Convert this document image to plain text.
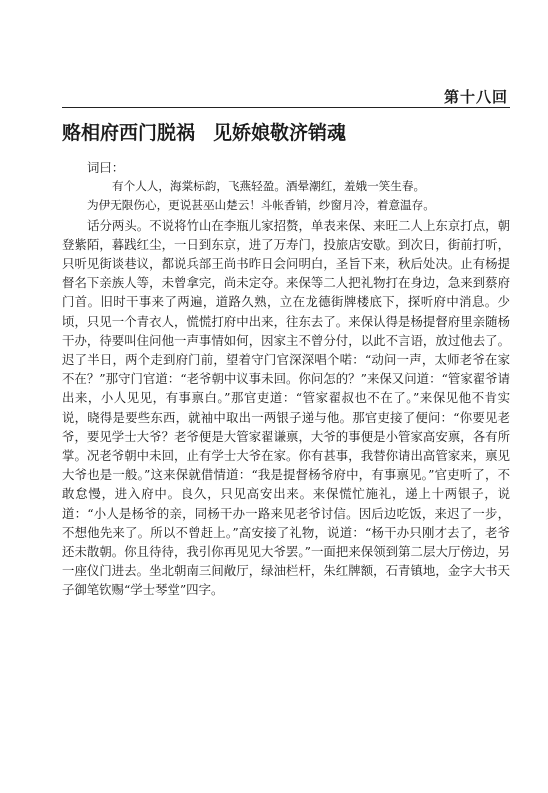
第十八回
赂相府西门脱祸 见娇娘敬济销魂

词曰：

有个人人，海棠标韵，飞燕轻盈。酒晕潮红，羞娥一笑生春。

为伊无限伤心，更说甚巫山楚云！斗帐香销，纱窗月冷，着意温存。

话分两头。不说将竹山在李瓶儿家招赘，单表来保、来旺二人上东京打点，朝登紫陌，暮践红尘，一日到东京，进了万寿门，投旅店安歇。到次日，街前打听，只听见街谈巷议，都说兵部王尚书昨日会问明白，圣旨下来，秋后处决。止有杨提督名下亲族人等，未曾拿完，尚未定夺。来保等二人把礼物打在身边，急来到蔡府门首。旧时干事来了两遍，道路久熟，立在龙德街牌楼底下，探听府中消息。少顷，只见一个青衣人，慌慌打府中出来，往东去了。来保认得是杨提督府里亲随杨干办，待要叫住问他一声事情如何，因家主不曾分付，以此不言语，放过他去了。迟了半日，两个走到府门前，望着守门官深深唱个喏：“动问一声，太师老爷在家不在？”那守门官道：“老爷朝中议事未回。你问怎的？”来保又问道：“管家翟爷请出来，小人见见，有事禀白。”那官吏道：“管家翟叔也不在了。”来保见他不肯实说，晓得是要些东西，就袖中取出一两银子递与他。那官吏接了便问：“你要见老爷，要见学士大爷？老爷便是大管家翟谦禀，大爷的事便是小管家高安禀，各有所掌。况老爷朝中未回，止有学士大爷在家。你有甚事，我替你请出高管家来，禀见大爷也是一般。”这来保就借情道：“我是提督杨爷府中，有事禀见。”官吏听了，不敢怠慢，进入府中。良久，只见高安出来。来保慌忙施礼，递上十两银子，说道：“小人是杨爷的亲，同杨干办一路来见老爷讨信。因后边吃饭，来迟了一步，不想他先来了。所以不曾赶上。”高安接了礼物，说道：“杨干办只刚才去了，老爷还未散朝。你且待待，我引你再见见大爷罢。”一面把来保领到第二层大厅傍边，另一座仪门进去。坐北朝南三间敞厅，绿油栏杆，朱红牌额，石青镇地，金字大书天子御笔钦赐“学士琴堂”四字。
